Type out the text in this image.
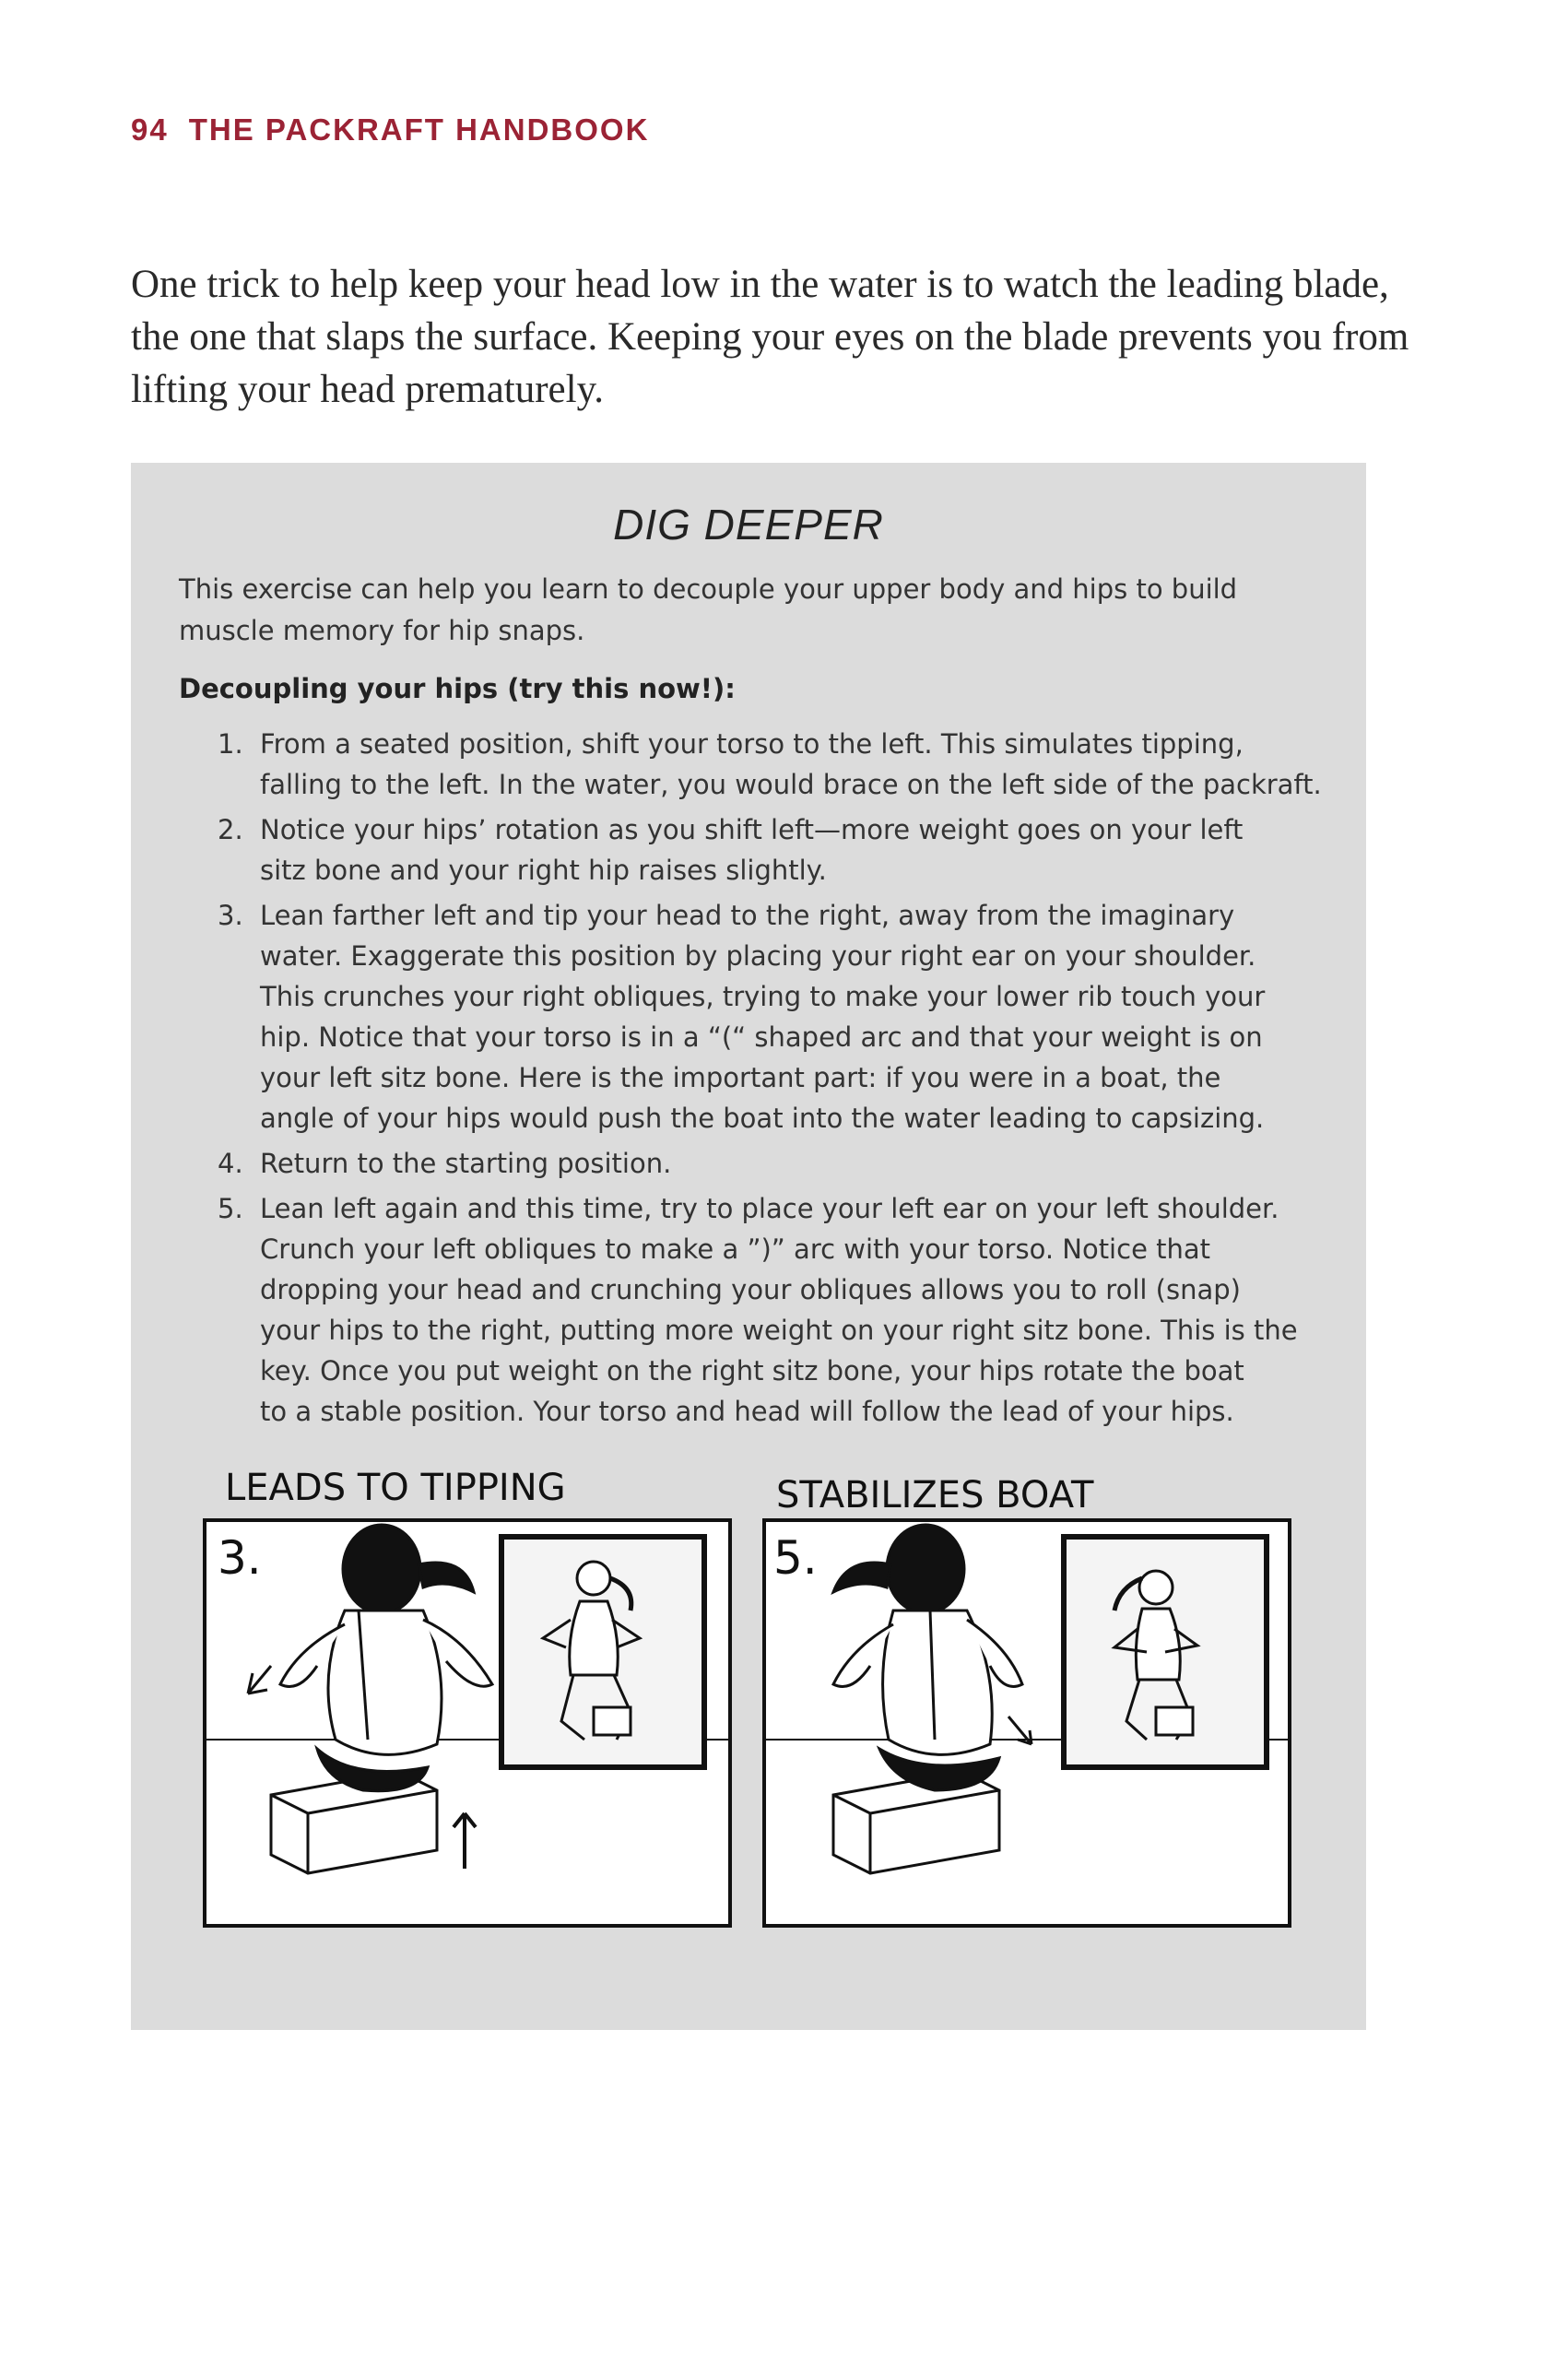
94 THE PACKRAFT HANDBOOK

One trick to help keep your head low in the water is to watch the leading blade,
the one that slaps the surface. Keeping your eyes on the blade prevents you from
lifting your head prematurely.

DIG DEEPER
This exercise can help you learn to decouple your upper body and hips to build
muscle memory for hip snaps.
Decoupling your hips (try this now!):
1. From a seated position, shift your torso to the left. This simulates tipping,
falling to the left. In the water, you would brace on the left side of the packraft.
2. Notice your hips’ rotation as you shift left—more weight goes on your left
sitz bone and your right hip raises slightly.
3. Lean farther left and tip your head to the right, away from the imaginary
water. Exaggerate this position by placing your right ear on your shoulder.
This crunches your right obliques, trying to make your lower rib touch your
hip. Notice that your torso is in a “(“ shaped arc and that your weight is on
your left sitz bone. Here is the important part: if you were in a boat, the
angle of your hips would push the boat into the water leading to capsizing.
4. Return to the starting position.
5. Lean left again and this time, try to place your left ear on your left shoulder.
Crunch your left obliques to make a ”)” arc with your torso. Notice that
dropping your head and crunching your obliques allows you to roll (snap)
your hips to the right, putting more weight on your right sitz bone. This is the
key. Once you put weight on the right sitz bone, your hips rotate the boat
to a stable position. Your torso and head will follow the lead of your hips.
LEADS TO TIPPING
3.
STABILIZES BOAT
5.
